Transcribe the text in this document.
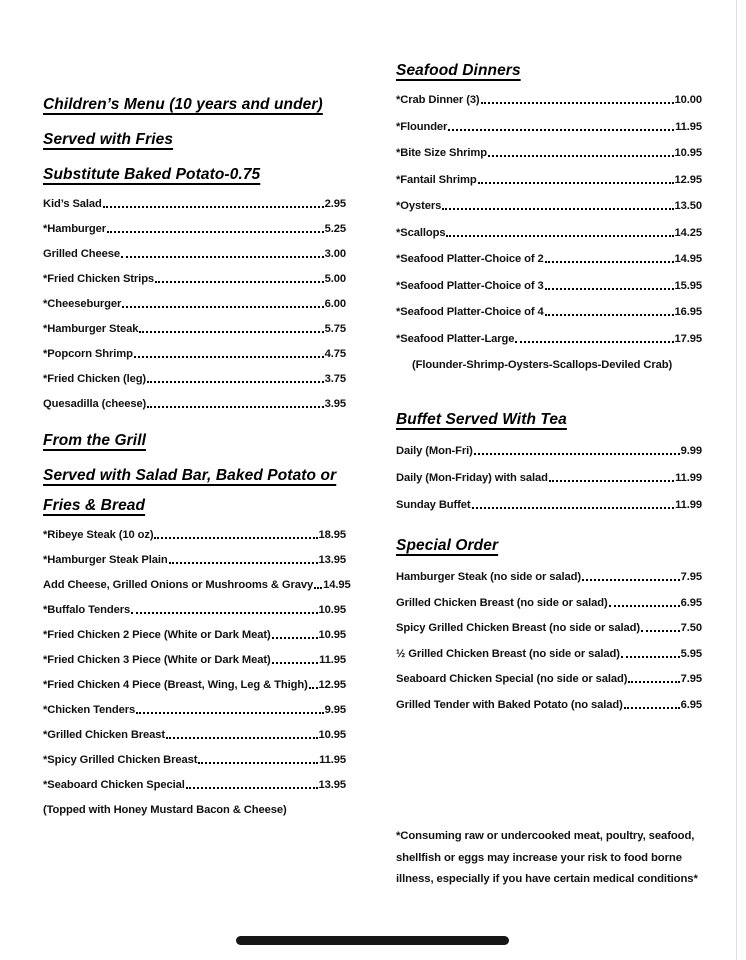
Children’s Menu (10 years and under)
Served with Fries
Substitute Baked Potato-0.75
Kid’s Salad	2.95
*Hamburger	5.25
Grilled Cheese	3.00
*Fried Chicken Strips	5.00
*Cheeseburger	6.00
*Hamburger Steak	5.75
*Popcorn Shrimp	4.75
*Fried Chicken (leg)	3.75
Quesadilla (cheese)	3.95
From the Grill
Served with Salad Bar, Baked Potato or Fries & Bread
*Ribeye Steak (10 oz)	18.95
*Hamburger Steak Plain	13.95
Add Cheese, Grilled Onions or Mushrooms & Gravy 14.95
*Buffalo Tenders	10.95
*Fried Chicken 2 Piece (White or Dark Meat)	10.95
*Fried Chicken 3 Piece (White or Dark Meat)	11.95
*Fried Chicken 4 Piece (Breast, Wing, Leg & Thigh) 12.95
*Chicken Tenders	9.95
*Grilled Chicken Breast	10.95
*Spicy Grilled Chicken Breast	11.95
*Seaboard Chicken Special	13.95

(Topped with Honey Mustard Bacon & Cheese)

Seafood Dinners
*Crab Dinner (3)	10.00
*Flounder	11.95
*Bite Size Shrimp	10.95
*Fantail Shrimp	12.95
*Oysters	13.50
*Scallops	14.25
*Seafood Platter-Choice of 2	14.95
*Seafood Platter-Choice of 3	15.95
*Seafood Platter-Choice of 4	16.95
*Seafood Platter-Large	17.95

(Flounder-Shrimp-Oysters-Scallops-Deviled Crab)

Buffet Served With Tea
Daily (Mon-Fri)	9.99
Daily (Mon-Friday) with salad	11.99
Sunday Buffet	11.99
Special Order
Hamburger Steak (no side or salad)	7.95
Grilled Chicken Breast (no side or salad)	6.95
Spicy Grilled Chicken Breast (no side or salad)	7.50
½ Grilled Chicken Breast (no side or salad)	5.95
Seaboard Chicken Special (no side or salad)	7.95
Grilled Tender with Baked Potato (no salad)	6.95

*Consuming raw or undercooked meat, poultry, seafood, shellfish or eggs may increase your risk to food borne illness, especially if you have certain medical conditions*
